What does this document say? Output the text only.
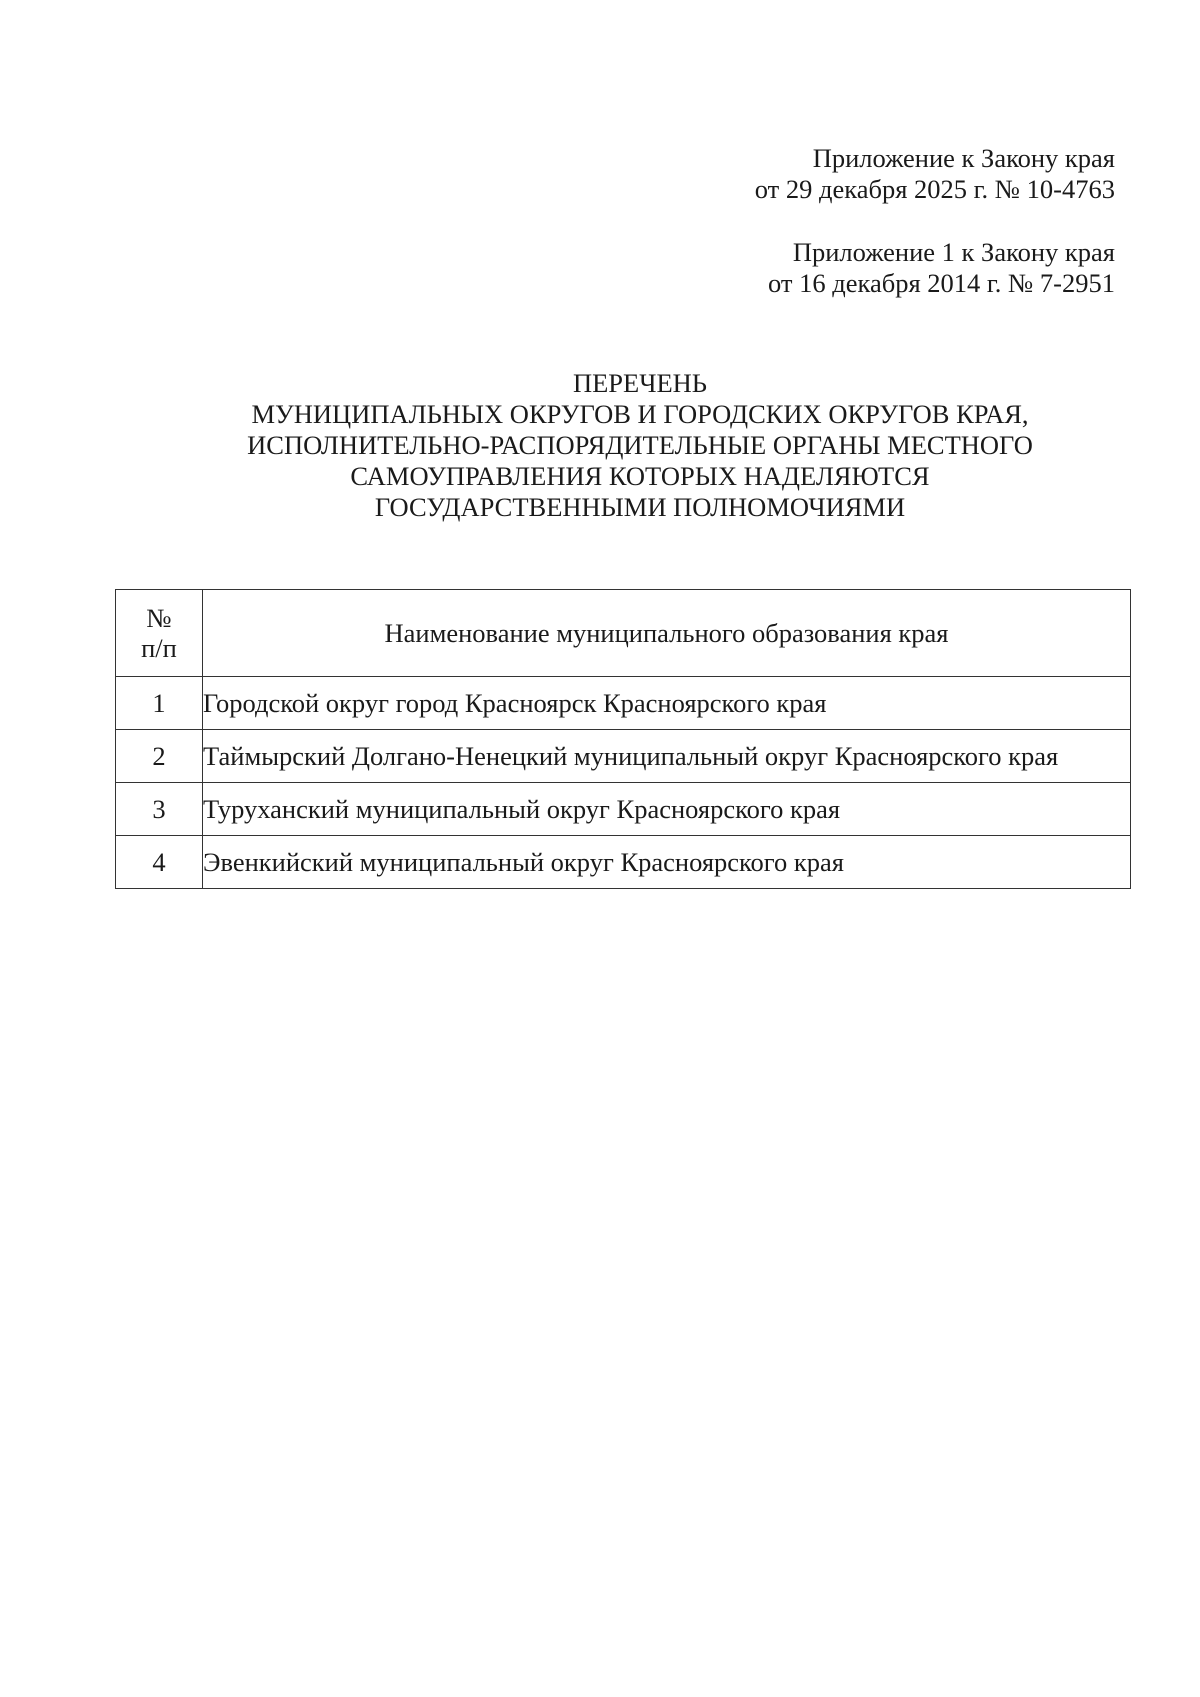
Приложение к Закону края
от 29 декабря 2025 г. № 10-4763
Приложение 1 к Закону края
от 16 декабря 2014 г. № 7-2951
ПЕРЕЧЕНЬ
МУНИЦИПАЛЬНЫХ ОКРУГОВ И ГОРОДСКИХ ОКРУГОВ КРАЯ,
ИСПОЛНИТЕЛЬНО-РАСПОРЯДИТЕЛЬНЫЕ ОРГАНЫ МЕСТНОГО
САМОУПРАВЛЕНИЯ КОТОРЫХ НАДЕЛЯЮТСЯ
ГОСУДАРСТВЕННЫМИ ПОЛНОМОЧИЯМИ
№
п/п	Наименование муниципального образования края
1	Городской округ город Красноярск Красноярского края
2	Таймырский Долгано-Ненецкий муниципальный округ Красноярского края
3	Туруханский муниципальный округ Красноярского края
4	Эвенкийский муниципальный округ Красноярского края
